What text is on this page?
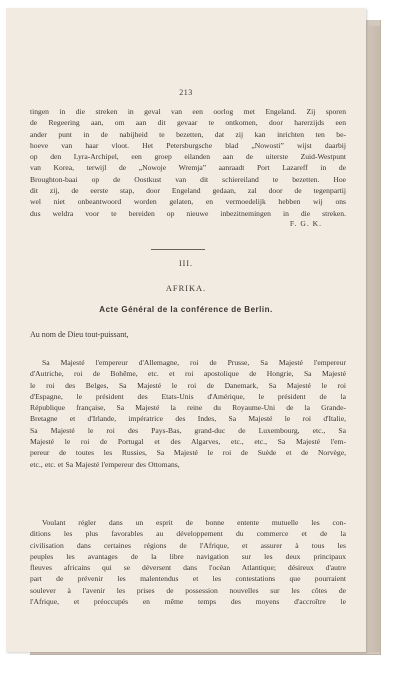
213
tingen in die streken in geval van een oorlog met Engeland. Zij sporen
de Regeering aan, om aan dit gevaar te ontkomen, door harerzijds een
ander punt in de nabijheid te bezetten, dat zij kan inrichten ten be-
hoeve van haar vloot. Het Petersburgsche blad „Nowosti” wijst daarbij
op den Lyra-Archipel, een groep eilanden aan de uiterste Zuid-Westpunt
van Korea, terwijl de „Nowoje Wremja” aanraadt Port Lazareff in de
Broughton-baai op de Oostkust van dit schiereiland te bezetten. Hoe
dit zij, de eerste stap, door Engeland gedaan, zal door de tegenpartij
wel niet onbeantwoord worden gelaten, en vermoedelijk hebben wij ons
dus weldra voor te bereiden op nieuwe inbezitnemingen in die streken.
F. G. K.
III.
AFRIKA.
Acte Général de la conférence de Berlin.
Au nom de Dieu tout-puissant,
Sa Majesté l'empereur d'Allemagne, roi de Prusse, Sa Majesté l'empereur
d'Autriche, roi de Bohême, etc. et roi apostolique de Hongrie, Sa Majesté
le roi des Belges, Sa Majesté le roi de Danemark, Sa Majesté le roi
d'Espagne, le président des Etats-Unis d'Amérique, le président de la
République française, Sa Majesté la reine du Royaume-Uni de la Grande-
Bretagne et d'Irlande, impératrice des Indes, Sa Majesté le roi d'Italie,
Sa Majesté le roi des Pays-Bas, grand-duc de Luxembourg, etc., Sa
Majesté le roi de Portugal et des Algarves, etc., etc., Sa Majesté l'em-
pereur de toutes les Russies, Sa Majesté le roi de Suède et de Norvège,
etc., etc. et Sa Majesté l'empereur des Ottomans,
Voulant régler dans un esprit de bonne entente mutuelle les con-
ditions les plus favorables au développement du commerce et de la
civilisation dans certaines régions de l'Afrique, et assurer à tous les
peuples les avantages de la libre navigation sur les deux principaux
fleuves africains qui se déversent dans l'océan Atlantique; désireux d'autre
part de prévenir les malentendus et les contestations que pourraient
soulever à l'avenir les prises de possession nouvelles sur les côtes de
l'Afrique, et préoccupés en même temps des moyens d'accroître le
